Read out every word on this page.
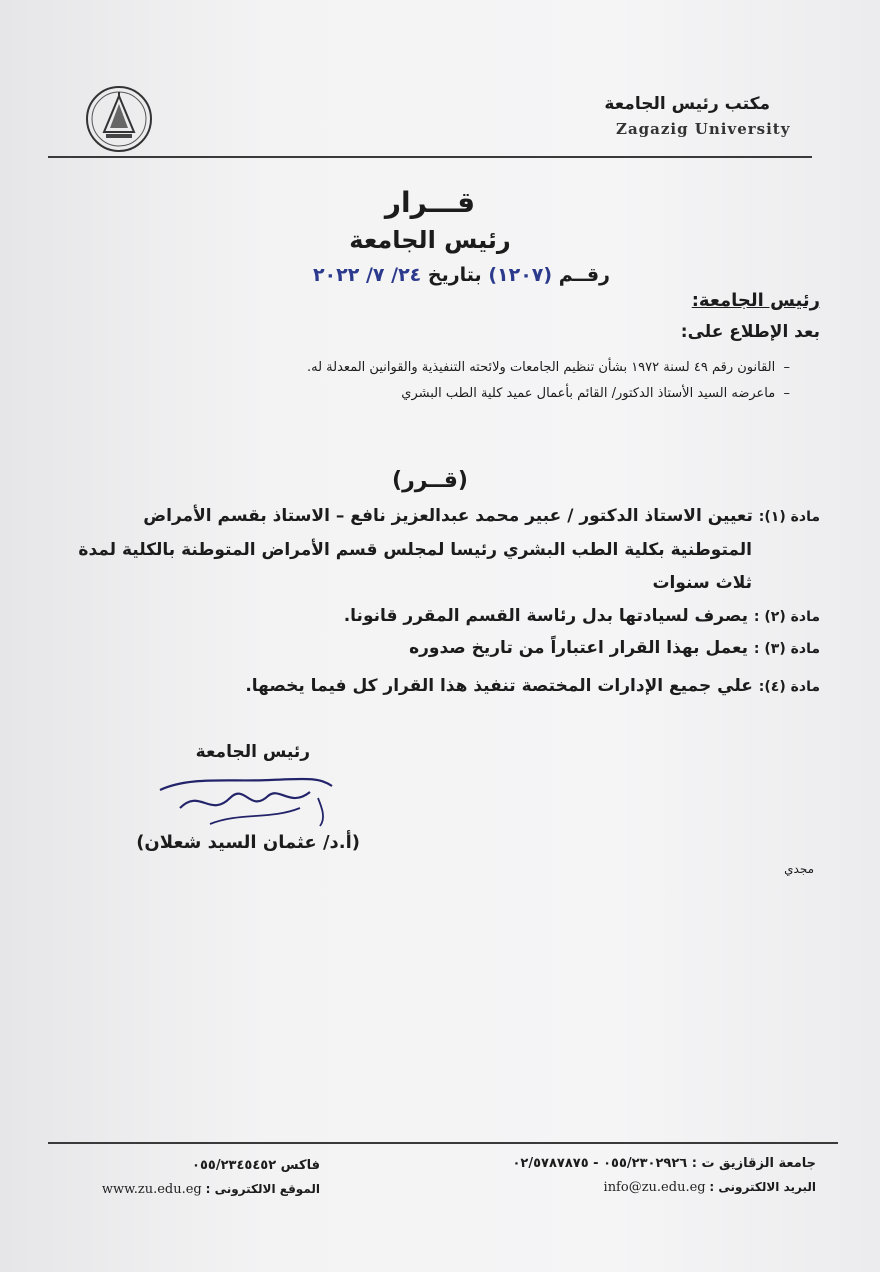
مكتب رئيس الجامعة
Zagazig University
قـــرار
رئيس الجامعة
رقــم (١٢٠٧) بتاريخ ٢٤/ ٧/ ٢٠٢٢
رئيس الجامعة:
بعد الإطلاع على:
–  القانون رقم ٤٩ لسنة ١٩٧٢ بشأن تنظيم الجامعات ولائحته التنفيذية والقوانين المعدلة له.
–  ماعرضه السيد الأستاذ الدكتور/ القائم بأعمال عميد كلية الطب البشري
(قــرر)
مادة (١): تعيين الاستاذ الدكتور / عبير محمد عبدالعزيز نافع – الاستاذ بقسم الأمراض
المتوطنية بكلية الطب البشري رئيسا لمجلس قسم الأمراض المتوطنة بالكلية لمدة
ثلاث سنوات
مادة (٢) : يصرف لسيادتها بدل رئاسة القسم المقرر قانونا.
مادة (٣) : يعمل بهذا القرار اعتباراً من تاريخ صدوره
مادة (٤): علي جميع الإدارات المختصة تنفيذ هذا القرار كل فيما يخصها.
رئيس الجامعة
(أ.د/ عثمان السيد شعلان)
مجدي
جامعة الزقازيق ت : ٠٥٥/٢٣٠٢٩٢٦ - ٠٢/٥٧٨٧٨٧٥
فاكس ٠٥٥/٢٣٤٥٤٥٢
البريد الالكترونى : info@zu.edu.eg
الموقع الالكترونى : www.zu.edu.eg
